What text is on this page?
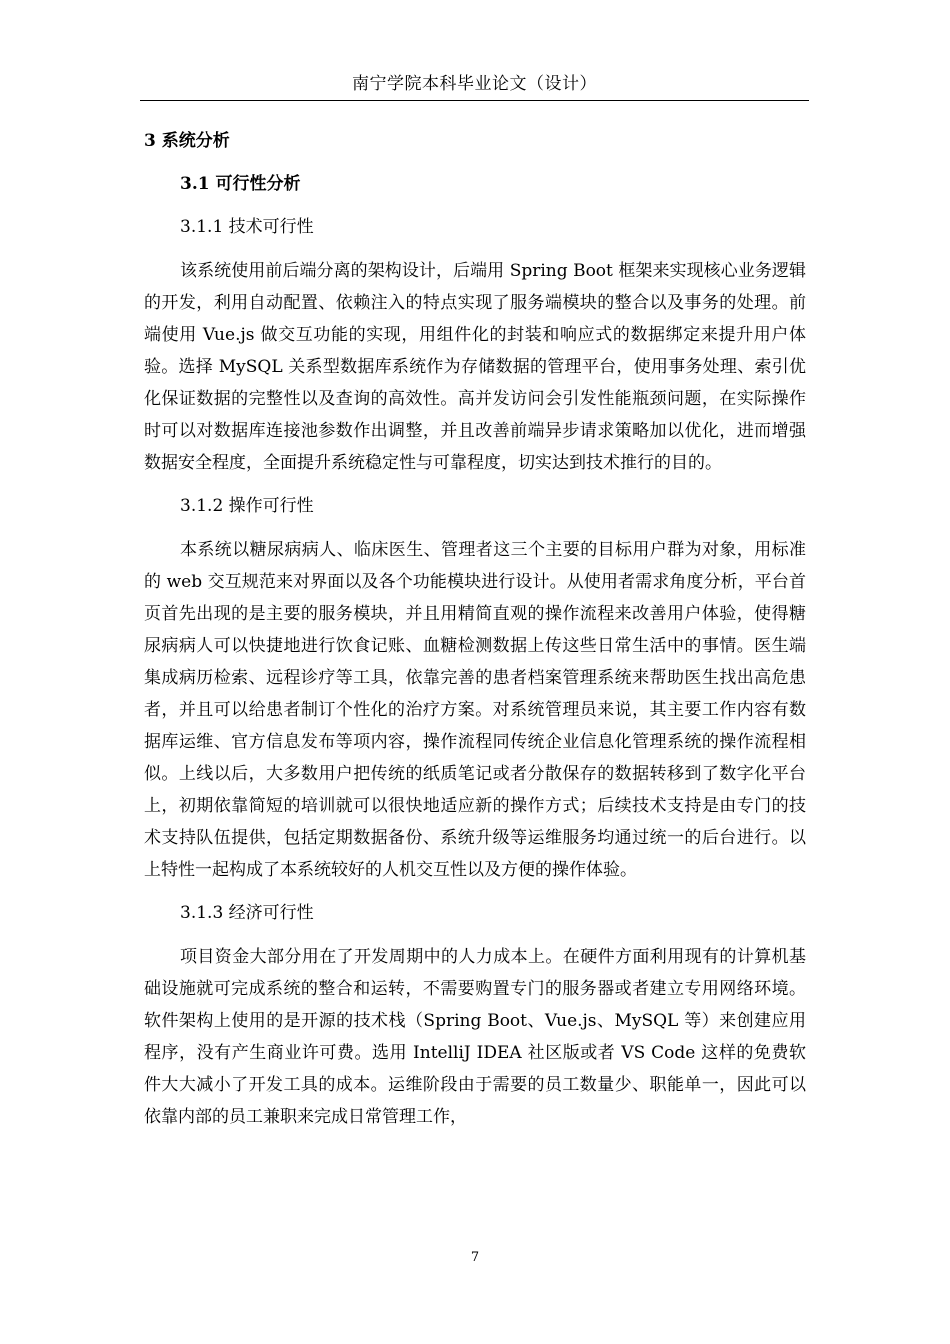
南宁学院本科毕业论文（设计）
3 系统分析
3.1 可行性分析
3.1.1 技术可行性

该系统使用前后端分离的架构设计，后端用 Spring Boot 框架来实现核心业务逻辑的开发，利用自动配置、依赖注入的特点实现了服务端模块的整合以及事务的处理。前端使用 Vue.js 做交互功能的实现，用组件化的封装和响应式的数据绑定来提升用户体验。选择 MySQL 关系型数据库系统作为存储数据的管理平台，使用事务处理、索引优化保证数据的完整性以及查询的高效性。高并发访问会引发性能瓶颈问题，在实际操作时可以对数据库连接池参数作出调整，并且改善前端异步请求策略加以优化，进而增强数据安全程度，全面提升系统稳定性与可靠程度，切实达到技术推行的目的。

3.1.2 操作可行性

本系统以糖尿病病人、临床医生、管理者这三个主要的目标用户群为对象，用标准的 web 交互规范来对界面以及各个功能模块进行设计。从使用者需求角度分析，平台首页首先出现的是主要的服务模块，并且用精简直观的操作流程来改善用户体验，使得糖尿病病人可以快捷地进行饮食记账、血糖检测数据上传这些日常生活中的事情。医生端集成病历检索、远程诊疗等工具，依靠完善的患者档案管理系统来帮助医生找出高危患者，并且可以给患者制订个性化的治疗方案。对系统管理员来说，其主要工作内容有数据库运维、官方信息发布等项内容，操作流程同传统企业信息化管理系统的操作流程相似。上线以后，大多数用户把传统的纸质笔记或者分散保存的数据转移到了数字化平台上，初期依靠简短的培训就可以很快地适应新的操作方式；后续技术支持是由专门的技术支持队伍提供，包括定期数据备份、系统升级等运维服务均通过统一的后台进行。以上特性一起构成了本系统较好的人机交互性以及方便的操作体验。

3.1.3 经济可行性

项目资金大部分用在了开发周期中的人力成本上。在硬件方面利用现有的计算机基础设施就可完成系统的整合和运转，不需要购置专门的服务器或者建立专用网络环境。软件架构上使用的是开源的技术栈（Spring Boot、Vue.js、MySQL 等）来创建应用程序，没有产生商业许可费。选用 IntelliJ IDEA 社区版或者 VS Code 这样的免费软件大大减小了开发工具的成本。运维阶段由于需要的员工数量少、职能单一，因此可以依靠内部的员工兼职来完成日常管理工作，

7
